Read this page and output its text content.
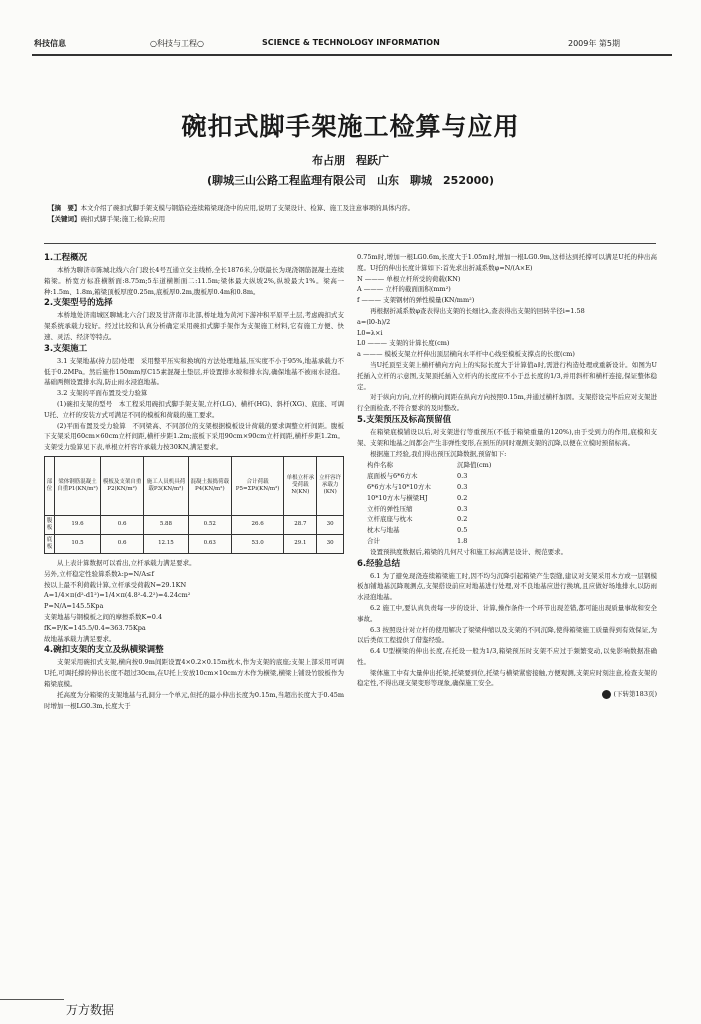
科技信息	○科技与工程○	SCIENCE & TECHNOLOGY INFORMATION	2009年 第5期
碗扣式脚手架施工检算与应用
布占朋　程跃广
(聊城三山公路工程监理有限公司　山东　聊城　252000)
【摘　要】本文介绍了碗扣式脚手架支模与钢筋砼连续箱梁现浇中的应用,说明了支架设计、检算、施工及注意事项的具体内容。
【关键词】碗扣式脚手架;施工;检算;应用

1.工程概况

本桥为聊济市陈城北线六合门段长4号互通立交主线桥,全长1876米,分联最长为现浇钢筋混凝土连续箱梁。桥宽方标准横断面:8.75m;5车道横断面二:11.5m;梁体最大纵坡2%,纵坡最大1%。梁高一种:1.5m、1.8m,箱梁顶板厚度0.25m,底板厚0.2m,腹板厚0.4m和0.8m。

2.支架型号的选择

本桥地处济南城区聊城北六合门段及甘济南市北部,桥址地为黄河下游冲积平原平土层,考虑碗扣式支架系统承载力较好。经过比较和认真分析确定采用碗扣式脚手架作为支架施工材料,它有施工方便、快速、灵活、经济等特点。

3.支架施工

3.1 支架地基(持力层)处理　采用整平压实和换填的方法处理地基,压实度不小于95%,地基承载力不低于0.2MPa。然后施作150mm厚C15素混凝土垫层,并设置排水坡和排水沟,确保地基不被雨水浸泡。基础两侧设置排水沟,防止雨水浸泡地基。

3.2 支架的平面布置及受力验算

(1)碗扣支架的型号　本工程采用碗扣式脚手架支架,立杆(LG)、横杆(HG)、斜杆(XG)、底座、可调U托、立杆的安装方式可满足不同的模板和荷载的施工要求。

(2)平面布置及受力验算　不同梁高、不同部位的支架根据模板设计荷载的要求调整立杆间距。腹板下支架采用60cm×60cm立杆间距,横杆步距1.2m;底板下采用90cm×90cm立杆间距,横杆步距1.2m。支架受力验算见下表,单根立杆容许承载力按30KN,满足要求。

部位	梁体钢筋混凝土自重P1(KN/m²)	模板及支架自重P2(KN/m²)	施工人员机具荷载P3(KN/m²)	混凝土振捣荷载P4(KN/m²)	合计荷载P5=ΣPi(KN/m²)	单根立杆承受荷载N(KN)	立杆容许承载力(KN)
腹板	19.6	0.6	5.88	0.52	26.6	28.7	30
底板	10.5	0.6	12.15	0.63	53.0	29.1	30

从上表计算数据可以看出,立杆承载力满足要求。

另外,立杆稳定性验算系数λ:p=N/A≤f

按以上最不利荷载计算,立杆承受荷载N=29.1KN

A=1/4×π(d²-d1²)=1/4×π(4.8²-4.2²)=4.24cm²

P=N/A=145.5Kpa

支架地基与钢模板之间的摩擦系数K=0.4

fK=P/K=145.5/0.4=363.75Kpa

故地基承载力满足要求。

4.碗扣支架的支立及纵横梁调整

支架采用碗扣式支架,横向按0.9m间距设置4×0.2×0.15m枕木,作为支架的底座;支架上部采用可调U托,可调托撑的伸出长度不超过30cm,在U托上安放10cm×10cm方木作为横梁,横梁上铺设竹胶板作为箱梁底模。

托高度为分箱梁的支架地基与孔洞分一个单元,但托的最小伸出长度为0.15m,当超出长度大于0.45m时增加一根LG0.3m,长度大于

0.75m时,增加一根LG0.6m,长度大于1.05m时,增加一根LG0.9m,这样达到托撑可以满足U托的伸出高度。U托的伸出长度计算如下:首先求出折减系数φ=N/(A×E)

N ——— 单根立杆所受的荷载(KN)

A ——— 立杆的截面面积(mm²)

f ——— 支架钢材的弹性模量(KN/mm²)

再根据折减系数φ查表得出支架的长细比λ,查表得出支架的回转半径i=1.58

a=(l0-h)/2

L0=λ×i

L0 ——— 支架的计算长度(cm)

a ——— 模板支架立杆伸出顶层横向水平杆中心线至模板支撑点的长度(cm)

当U托顶至支架上横杆横向方向上的实际长度大于计算值a时,需进行构造处理或重新设计。如图为U托插入立杆的示意图,支架顶托插入立杆内的长度应不小于总长度的1/3,并用斜杆和横杆连接,保证整体稳定。

对于纵向方向,立杆的横向间距在纵向方向按照0.15m,并通过横杆加固。支架搭设完毕后应对支架进行全面检查,不符合要求的及时整改。

5.支架预压及标高预留值

在箱梁底模铺设以后,对支架进行等重预压(不低于箱梁重量的120%),由于受到力的作用,底模和支架、支架和地基之间都会产生非弹性变形,在预压的同时观测支架的沉降,以便在立模时预留标高。

根据施工经验,我们得出预压沉降数据,预留如下:

构件名称	沉降值(cm)
底面板与6*6方木	0.3
6*6方木与10*10方木	0.3
10*10方木与横梁HJ	0.2
立杆的弹性压缩	0.3
立杆底座与枕木	0.2
枕木与地基	0.5
合计	1.8

设置预拱度数据后,箱梁的几何尺寸和施工标高满足设计、规范要求。

6.经验总结

6.1 为了避免现浇连续箱梁施工时,因不均匀沉降引起箱梁产生裂缝,建议对支架采用木方或一层钢模板加铺地基沉降观测点,支架搭设前应对地基进行处理,对不良地基应进行换填,且应做好场地排水,以防雨水浸泡地基。

6.2 施工中,要认真负责每一步的设计、计算,操作条件一个环节出现差错,都可能出现质量事故和安全事故。

6.3 按照设计对立杆的使用解决了梁梁伸缩以及支架的不同沉降,使得箱梁施工质量得到有效保证,为以后类似工程提供了借鉴经验。

6.4 U型横梁的伸出长度,在托设一般为1/3,箱梁预压时支架不应过于频繁变动,以免影响数据准确性。

梁体施工中有大量伸出托梁,托梁要到位,托梁与横梁紧密接触,方便观测,支架应时刻注意,检查支架的稳定性,不得出现支架变形等现象,确保施工安全。

(下转第183页)

万方数据
